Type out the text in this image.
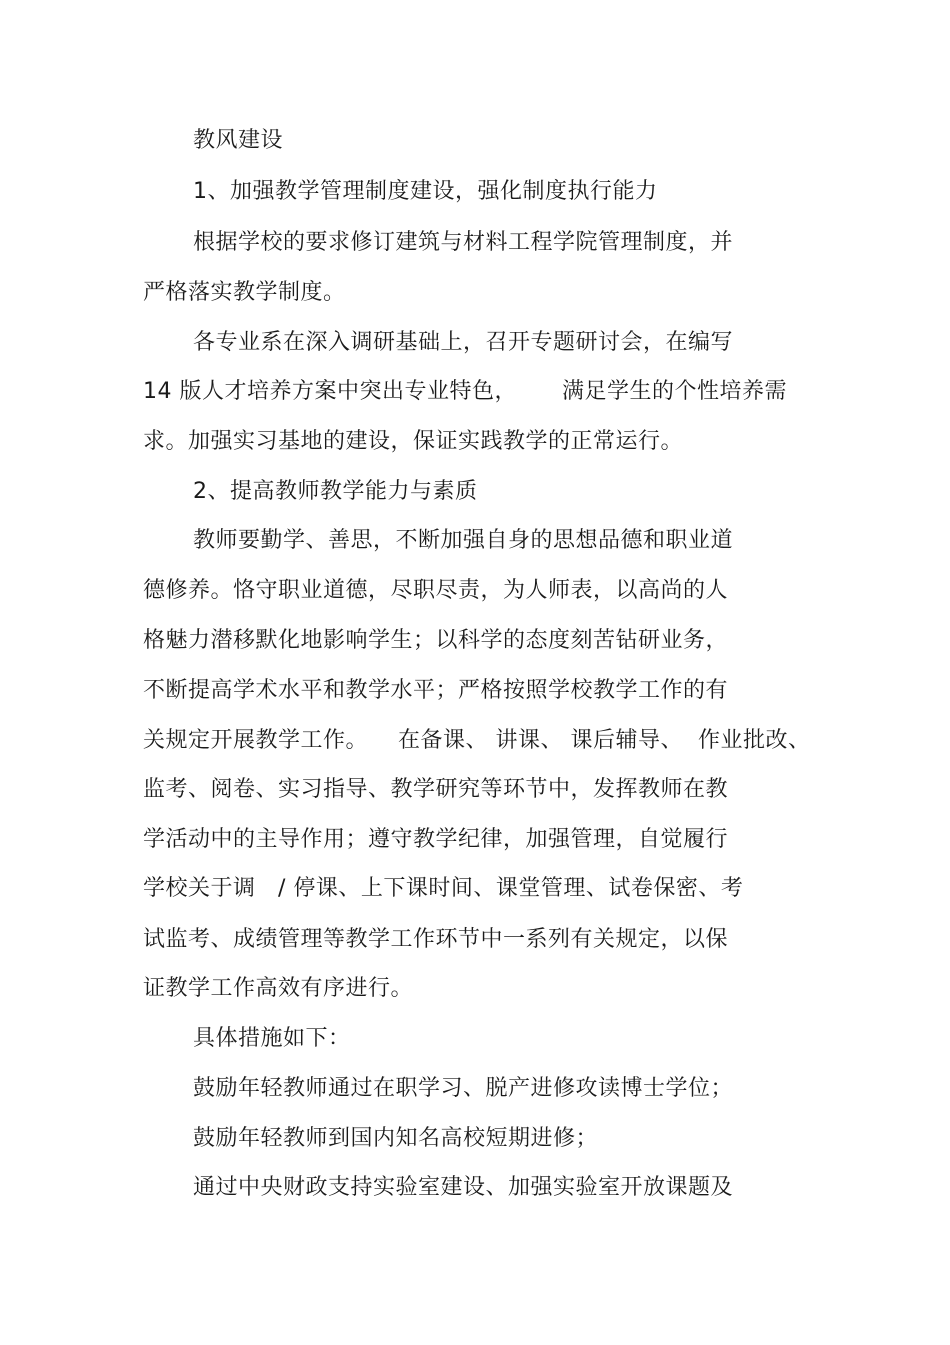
教风建设
1、加强教学管理制度建设，强化制度执行能力
根据学校的要求修订建筑与材料工程学院管理制度，并
严格落实教学制度。
各专业系在深入调研基础上，召开专题研讨会，在编写
14 版人才培养方案中突出专业特色，      满足学生的个性培养需
求。加强实习基地的建设，保证实践教学的正常运行。
2、提高教师教学能力与素质
教师要勤学、善思，不断加强自身的思想品德和职业道
德修养。恪守职业道德，尽职尽责，为人师表，以高尚的人
格魅力潜移默化地影响学生；以科学的态度刻苦钻研业务，
不断提高学术水平和教学水平；严格按照学校教学工作的有
关规定开展教学工作。    在备课、 讲课、 课后辅导、  作业批改、
监考、阅卷、实习指导、教学研究等环节中，发挥教师在教
学活动中的主导作用；遵守教学纪律，加强管理，自觉履行
学校关于调   / 停课、上下课时间、课堂管理、试卷保密、考
试监考、成绩管理等教学工作环节中一系列有关规定，以保
证教学工作高效有序进行。
具体措施如下：
鼓励年轻教师通过在职学习、脱产进修攻读博士学位；
鼓励年轻教师到国内知名高校短期进修；
通过中央财政支持实验室建设、加强实验室开放课题及
